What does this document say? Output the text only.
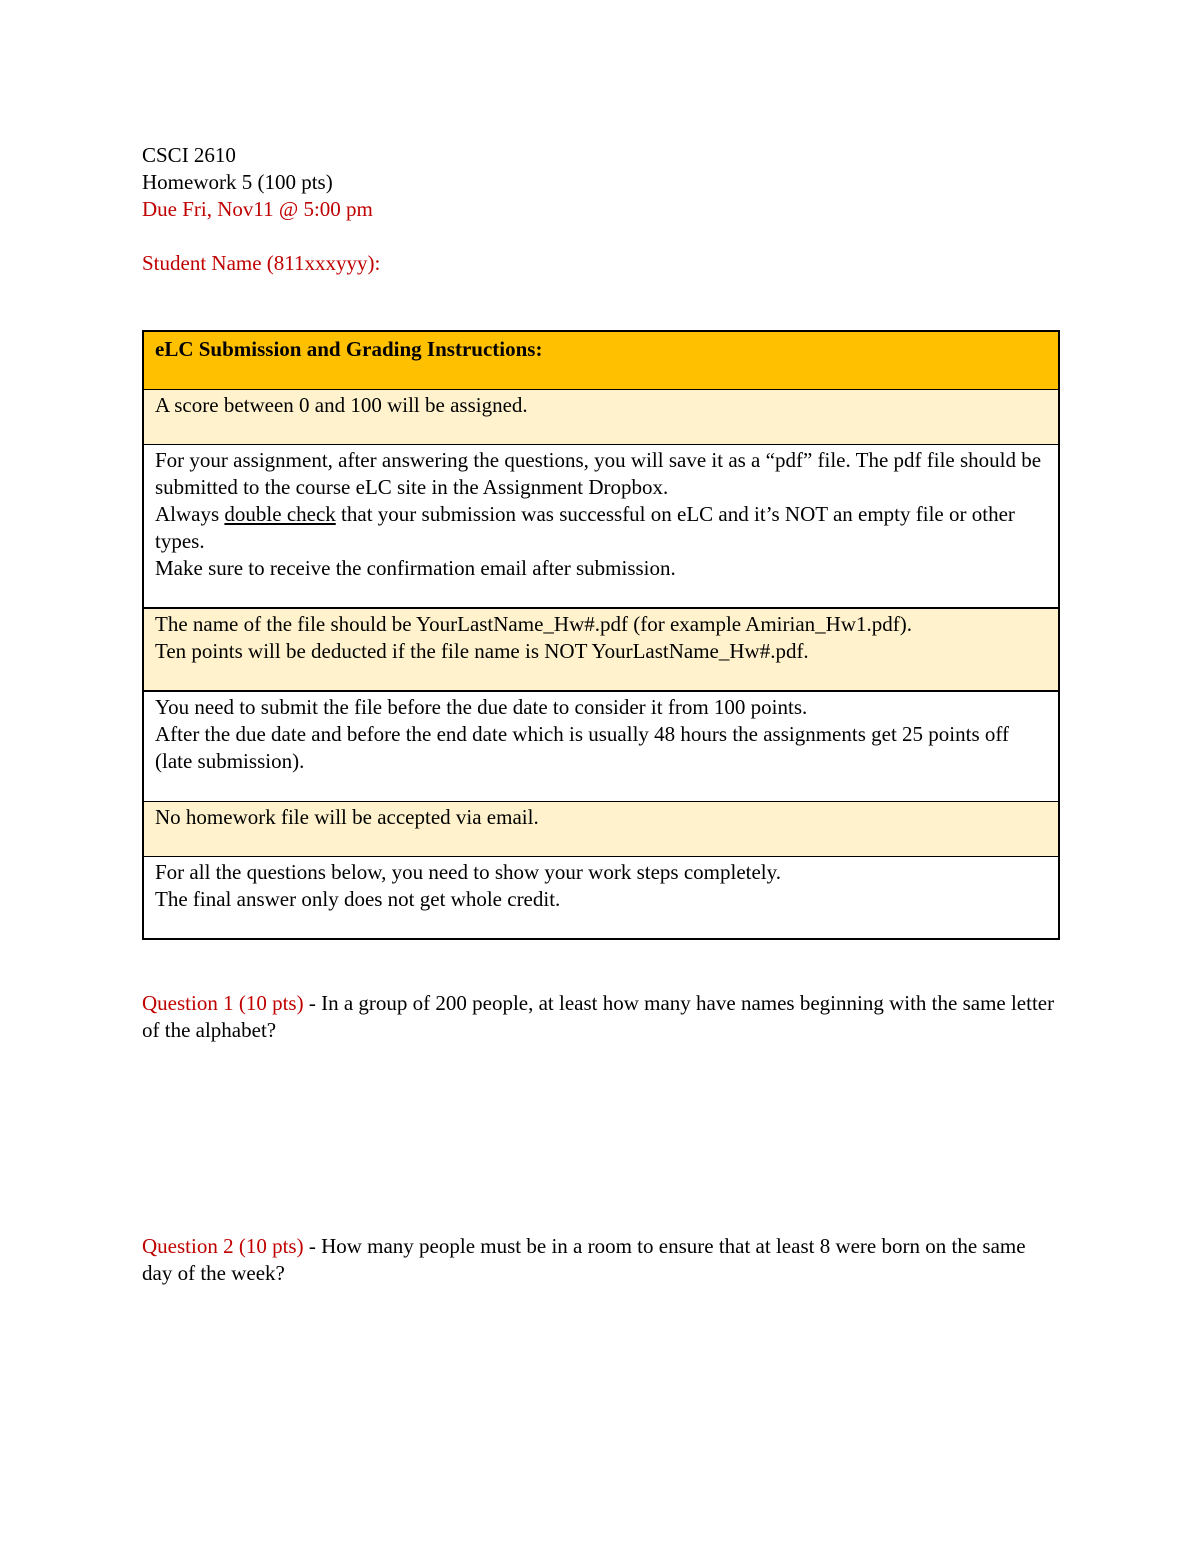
CSCI 2610
Homework 5 (100 pts)
Due Fri, Nov11 @ 5:00 pm
Student Name (811xxxyyy):
eLC Submission and Grading Instructions:
A score between 0 and 100 will be assigned.

For your assignment, after answering the questions, you will save it as a “pdf” file. The pdf file should be submitted to the course eLC site in the Assignment Dropbox.
Always double check that your submission was successful on eLC and it’s NOT an empty file or other types.
Make sure to receive the confirmation email after submission.

The name of the file should be YourLastName_Hw#.pdf (for example Amirian_Hw1.pdf).
Ten points will be deducted if the file name is NOT YourLastName_Hw#.pdf.

You need to submit the file before the due date to consider it from 100 points.
After the due date and before the end date which is usually 48 hours the assignments get 25 points off (late submission).

No homework file will be accepted via email.

For all the questions below, you need to show your work steps completely.
The final answer only does not get whole credit.
Question 1 (10 pts) - In a group of 200 people, at least how many have names beginning with the same letter of the alphabet?
Question 2 (10 pts) - How many people must be in a room to ensure that at least 8 were born on the same day of the week?
